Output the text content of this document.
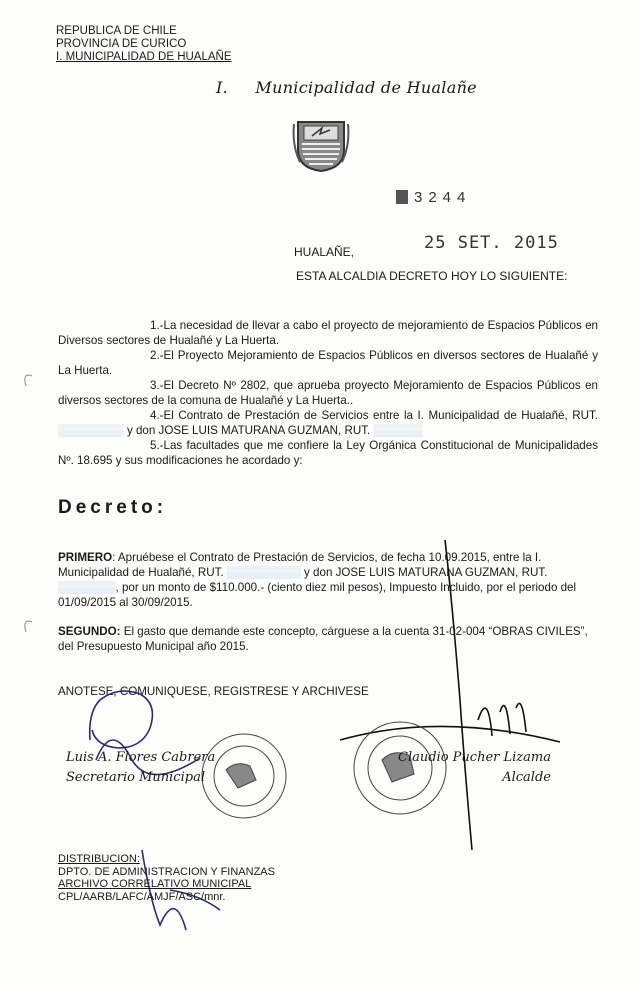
REPUBLICA DE CHILE
PROVINCIA DE CURICO
I. MUNICIPALIDAD DE HUALAÑE
I. Municipalidad de Hualañe
3244
HUALAÑE,	25 SET. 2015
ESTA ALCALDIA DECRETO HOY LO SIGUIENTE:

1.-La necesidad de llevar a cabo el proyecto de mejoramiento de Espacios Públicos en Diversos sectores de Hualañé y La Huerta.

2.-El Proyecto Mejoramiento de Espacios Públicos en diversos sectores de Hualañé y La Huerta.

3.-El Decreto Nº 2802, que aprueba proyecto Mejoramiento de Espacios Públicos en diversos sectores de la comuna de Hualañé y La Huerta..

4.-El Contrato de Prestación de Servicios entre la I. Municipalidad de Hualañé, RUT. ▒▒▒▒▒▒▒▒ y don JOSE LUIS MATURANA GUZMAN, RUT. ▒▒▒▒▒▒

5.-Las facultades que me confiere la Ley Orgánica Constitucional de Municipalidades Nº. 18.695 y sus modificaciones he acordado y:

Decreto:

PRIMERO: Apruébese el Contrato de Prestación de Servicios, de fecha 10.09.2015, entre la I. Municipalidad de Hualañé, RUT. ▒▒▒▒▒▒▒▒▒ y don JOSE LUIS MATURANA GUZMAN, RUT. ▒▒▒▒▒▒▒, por un monto de $110.000.- (ciento diez mil pesos), Impuesto Incluido, por el periodo del 01/09/2015 al 30/09/2015.

SEGUNDO: El gasto que demande este concepto, cárguese a la cuenta 31-02-004 “OBRAS CIVILES”, del Presupuesto Municipal año 2015.

ANOTESE, COMUNIQUESE, REGISTRESE Y ARCHIVESE
Luis A. Flores Cabrera
Secretario Municipal
Claudio Pucher Lizama
Alcalde
DISTRIBUCION:
DPTO. DE ADMINISTRACION Y FINANZAS
ARCHIVO CORRELATIVO MUNICIPAL
CPL/AARB/LAFC/AMJF/ASC/mnr.
